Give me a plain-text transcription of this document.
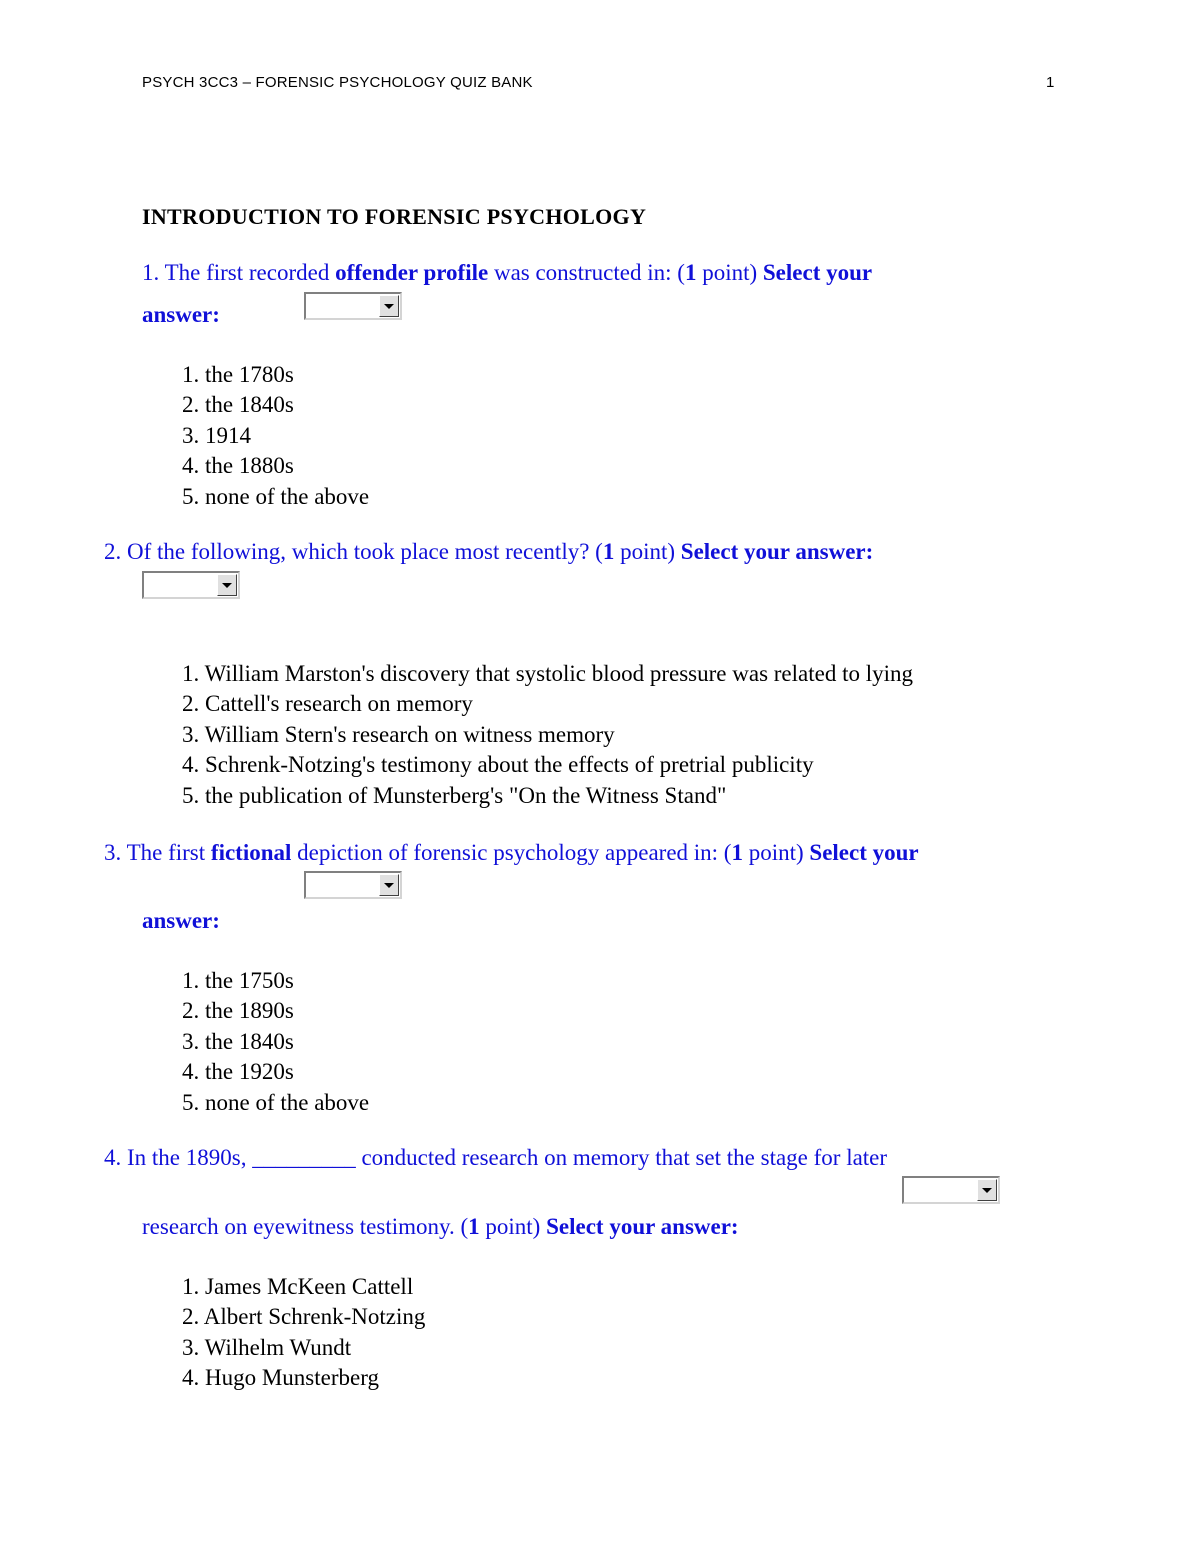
PSYCH 3CC3 – FORENSIC PSYCHOLOGY QUIZ BANK	1
INTRODUCTION TO FORENSIC PSYCHOLOGY
1. The first recorded offender profile was constructed in: (1 point) Select your
answer:
1. the 1780s
2. the 1840s
3. 1914
4. the 1880s
5. none of the above
2. Of the following, which took place most recently? (1 point) Select your answer:
1. William Marston's discovery that systolic blood pressure was related to lying
2. Cattell's research on memory
3. William Stern's research on witness memory
4. Schrenk-Notzing's testimony about the effects of pretrial publicity
5. the publication of Munsterberg's "On the Witness Stand"
3. The first fictional depiction of forensic psychology appeared in: (1 point) Select your
answer:
1. the 1750s
2. the 1890s
3. the 1840s
4. the 1920s
5. none of the above
4. In the 1890s, _________ conducted research on memory that set the stage for later
research on eyewitness testimony. (1 point) Select your answer:
1. James McKeen Cattell
2. Albert Schrenk-Notzing
3. Wilhelm Wundt
4. Hugo Munsterberg
